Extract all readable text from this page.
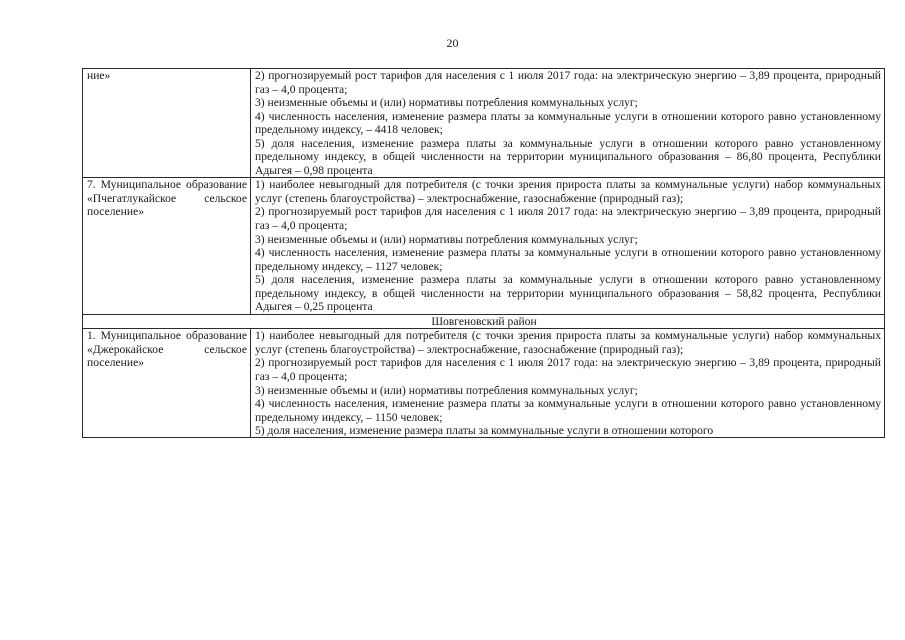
20
ние»	2) прогнозируемый рост тарифов для населения с 1 июля 2017 года: на электрическую энергию – 3,89 процента, природный газ – 4,0 процента;
3) неизменные объемы и (или) нормативы потребления коммунальных услуг;
4) численность населения, изменение размера платы за коммунальные услуги в отношении которого равно установленному предельному индексу, – 4418 человек;
5) доля населения, изменение размера платы за коммунальные услуги в отношении которого равно установленному предельному индексу, в общей численности на территории муниципального образования – 86,80 процента, Республики Адыгея – 0,98 процента

7. Муниципальное образование «Пчегатлукайское сельское поселение»	1) наиболее невыгодный для потребителя (с точки зрения прироста платы за коммунальные услуги) набор коммунальных услуг (степень благоустройства) – электроснабжение, газоснабжение (природный газ);
2) прогнозируемый рост тарифов для населения с 1 июля 2017 года: на электрическую энергию – 3,89 процента, природный газ – 4,0 процента;
3) неизменные объемы и (или) нормативы потребления коммунальных услуг;
4) численность населения, изменение размера платы за коммунальные услуги в отношении которого равно установленному предельному индексу, – 1127 человек;
5) доля населения, изменение размера платы за коммунальные услуги в отношении которого равно установленному предельному индексу, в общей численности на территории муниципального образования – 58,82 процента, Республики Адыгея – 0,25 процента

Шовгеновский район	
1. Муниципальное образование «Джерокайское сельское поселение»	1) наиболее невыгодный для потребителя (с точки зрения прироста платы за коммунальные услуги) набор коммунальных услуг (степень благоустройства) – электроснабжение, газоснабжение (природный газ);
2) прогнозируемый рост тарифов для населения с 1 июля 2017 года: на электрическую энергию – 3,89 процента, природный газ – 4,0 процента;
3) неизменные объемы и (или) нормативы потребления коммунальных услуг;
4) численность населения, изменение размера платы за коммунальные услуги в отношении которого равно установленному предельному индексу, – 1150 человек;
5) доля населения, изменение размера платы за коммунальные услуги в отношении которого
